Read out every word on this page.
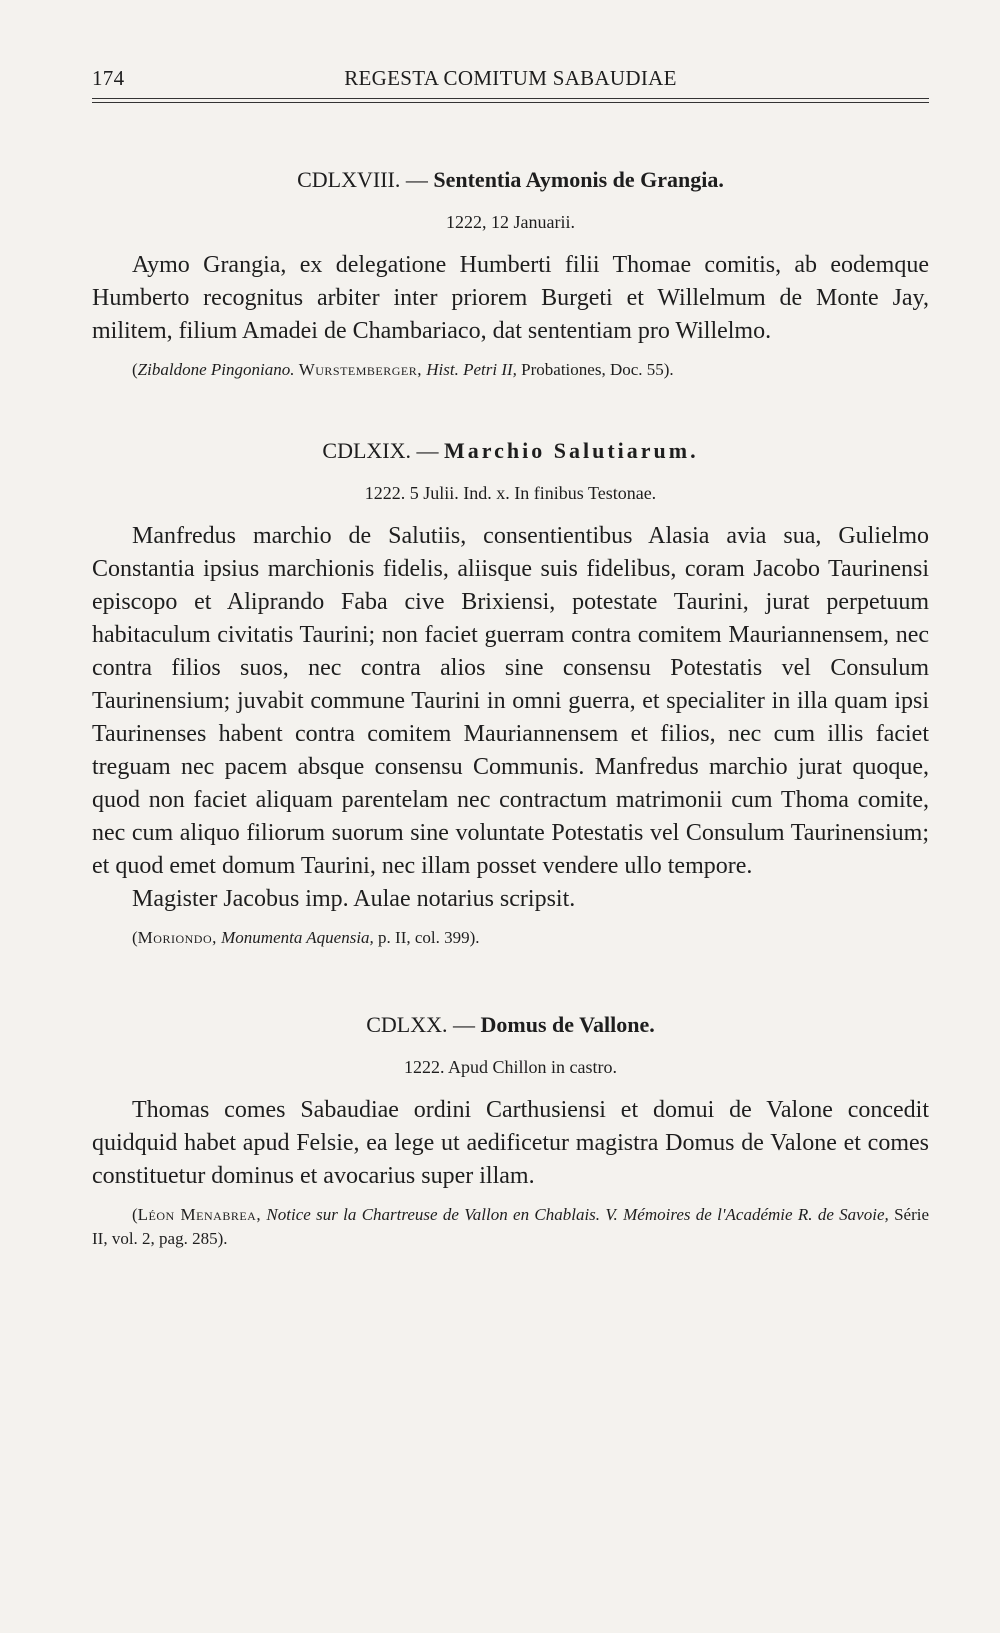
174	REGESTA COMITUM SABAUDIAE
CDLXVIII. — Sententia Aymonis de Grangia.
1222, 12 Januarii.

Aymo Grangia, ex delegatione Humberti filii Thomae comitis, ab eodemque Humberto recognitus arbiter inter priorem Burgeti et Willelmum de Monte Jay, militem, filium Amadei de Chambariaco, dat sententiam pro Willelmo.

(Zibaldone Pingoniano. Wurstemberger, Hist. Petri II, Probationes, Doc. 55).

CDLXIX. — Marchio Salutiarum.
1222. 5 Julii. Ind. x. In finibus Testonae.

Manfredus marchio de Salutiis, consentientibus Alasia avia sua, Gulielmo Constantia ipsius marchionis fidelis, aliisque suis fidelibus, coram Jacobo Taurinensi episcopo et Aliprando Faba cive Brixiensi, potestate Taurini, jurat perpetuum habitaculum civitatis Taurini; non faciet guerram contra comitem Mauriannensem, nec contra filios suos, nec contra alios sine consensu Potestatis vel Consulum Taurinensium; juvabit commune Taurini in omni guerra, et specialiter in illa quam ipsi Taurinenses habent contra comitem Mauriannensem et filios, nec cum illis faciet treguam nec pacem absque consensu Communis. Manfredus marchio jurat quoque, quod non faciet aliquam parentelam nec contractum matrimonii cum Thoma comite, nec cum aliquo filiorum suorum sine voluntate Potestatis vel Consulum Taurinensium; et quod emet domum Taurini, nec illam posset vendere ullo tempore.

Magister Jacobus imp. Aulae notarius scripsit.

(Moriondo, Monumenta Aquensia, p. II, col. 399).

CDLXX. — Domus de Vallone.
1222. Apud Chillon in castro.

Thomas comes Sabaudiae ordini Carthusiensi et domui de Valone concedit quidquid habet apud Felsie, ea lege ut aedificetur magistra Domus de Valone et comes constituetur dominus et avocarius super illam.

(Léon Menabrea, Notice sur la Chartreuse de Vallon en Chablais. V. Mémoires de l'Académie R. de Savoie, Série II, vol. 2, pag. 285).
